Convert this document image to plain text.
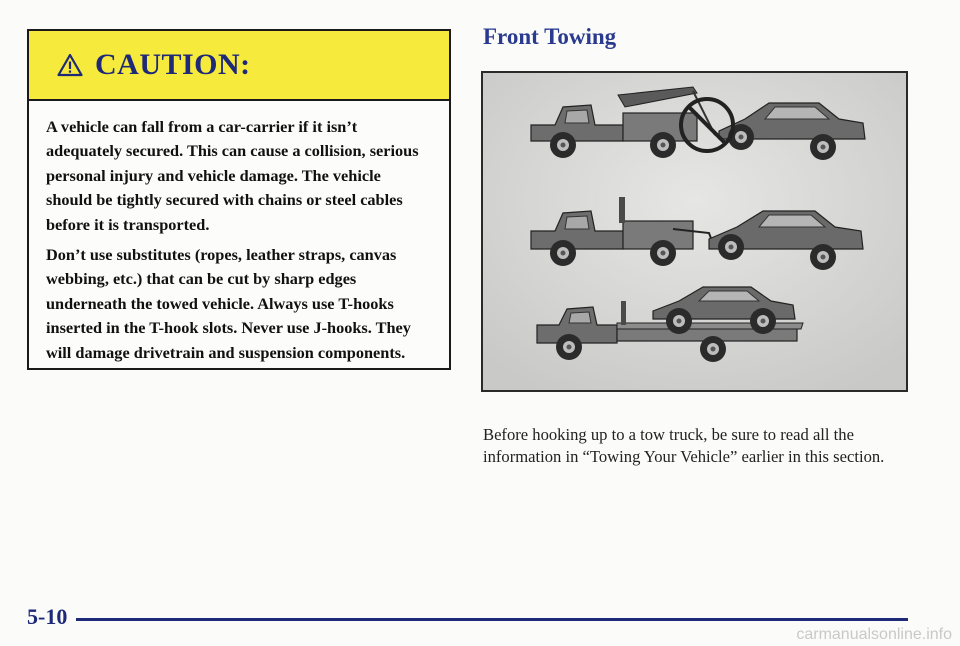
CAUTION:

A vehicle can fall from a car-carrier if it isn’t adequately secured. This can cause a collision, serious personal injury and vehicle damage. The vehicle should be tightly secured with chains or steel cables before it is transported.

Don’t use substitutes (ropes, leather straps, canvas webbing, etc.) that can be cut by sharp edges underneath the towed vehicle. Always use T-hooks inserted in the T-hook slots. Never use J-hooks. They will damage drivetrain and suspension components.

Front Towing
Before hooking up to a tow truck, be sure to read all the information in “Towing Your Vehicle” earlier in this section.
5-10
carmanualsonline.info
